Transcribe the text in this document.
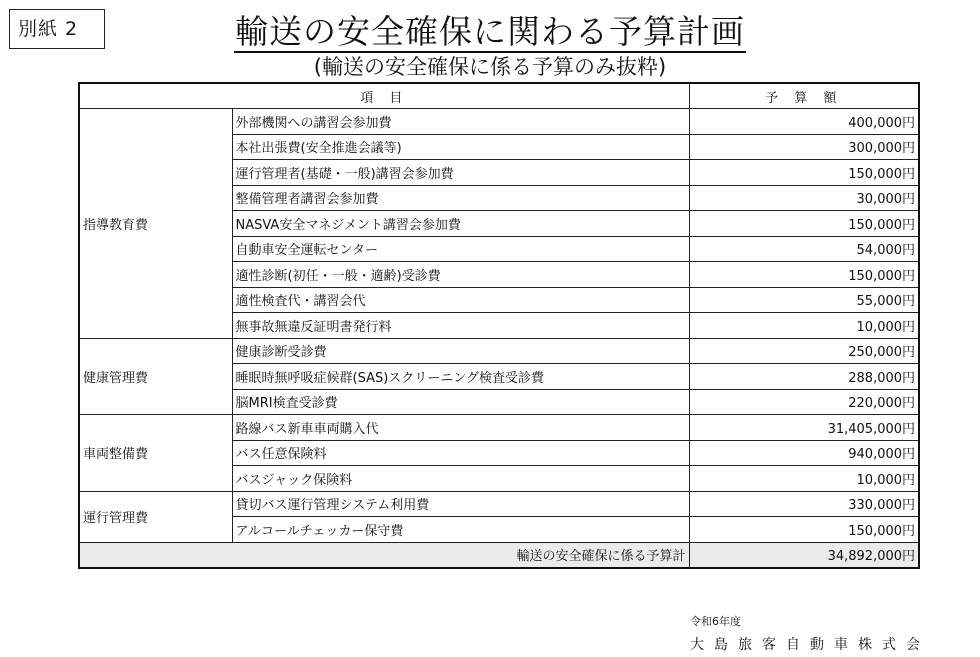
別紙 2	輸送の安全確保に関わる予算計画
(輸送の安全確保に係る予算のみ抜粋)
項 目		予 算 額
指導教育費	外部機関への講習会参加費	400,000円
	本社出張費(安全推進会議等)	300,000円
	運行管理者(基礎・一般)講習会参加費	150,000円
	整備管理者講習会参加費	30,000円
	NASVA安全マネジメント講習会参加費	150,000円
	自動車安全運転センター	54,000円
	適性診断(初任・一般・適齢)受診費	150,000円
	適性検査代・講習会代	55,000円
	無事故無違反証明書発行料	10,000円
健康管理費	健康診断受診費	250,000円
	睡眠時無呼吸症候群(SAS)スクリーニング検査受診費	288,000円
	脳MRI検査受診費	220,000円
車両整備費	路線バス新車車両購入代	31,405,000円
	バス任意保険料	940,000円
	バスジャック保険料	10,000円
運行管理費	貸切バス運行管理システム利用費	330,000円
	アルコールチェッカー保守費	150,000円
輸送の安全確保に係る予算計		34,892,000円
令和6年度
大島旅客自動車株式会
